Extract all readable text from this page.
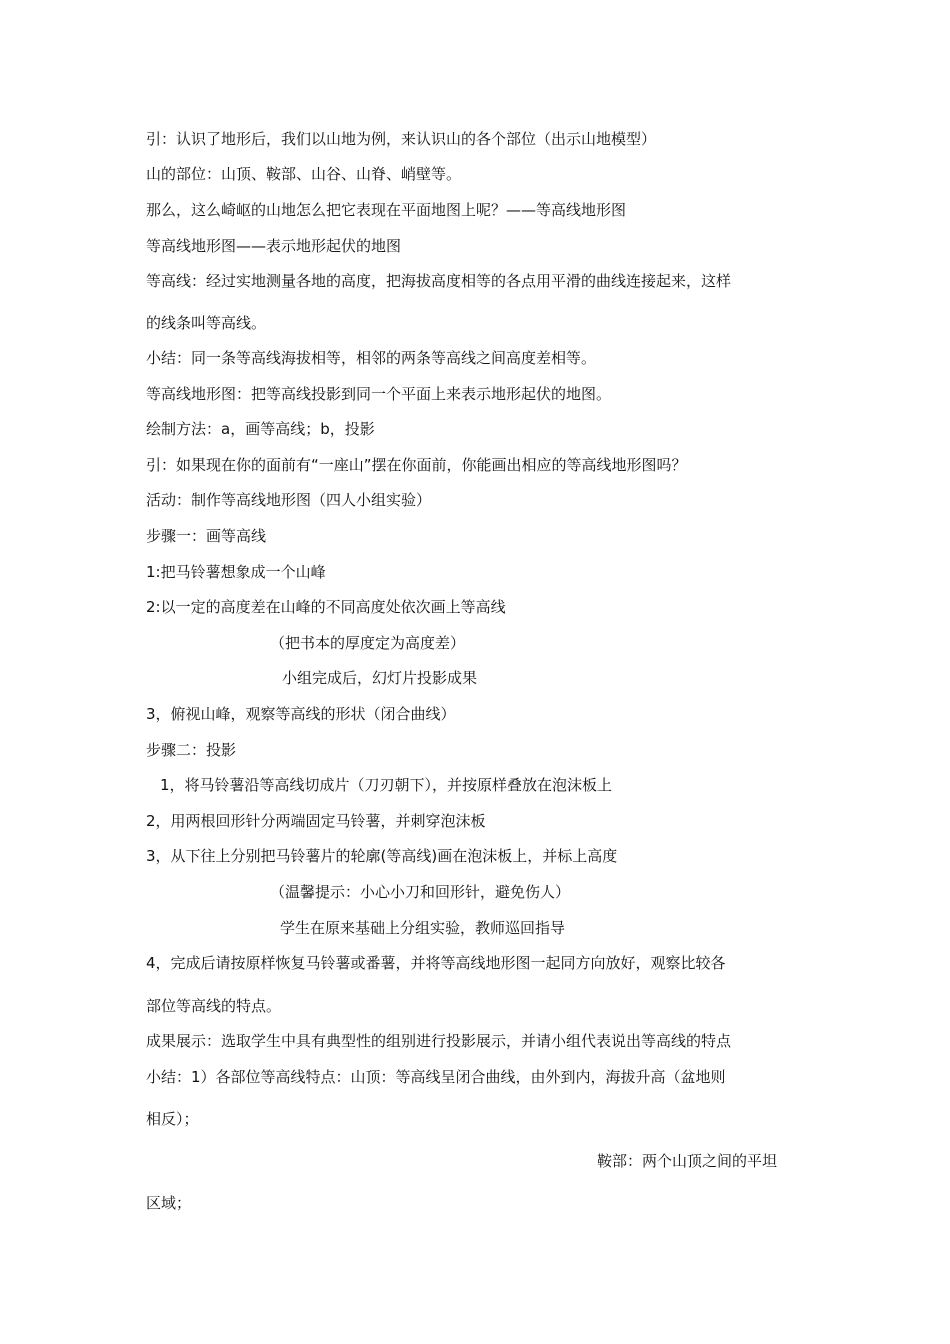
引：认识了地形后，我们以山地为例，来认识山的各个部位（出示山地模型）
山的部位：山顶、鞍部、山谷、山脊、峭壁等。
那么，这么崎岖的山地怎么把它表现在平面地图上呢？——等高线地形图
等高线地形图——表示地形起伏的地图
等高线：经过实地测量各地的高度，把海拔高度相等的各点用平滑的曲线连接起来，这样
的线条叫等高线。
小结：同一条等高线海拔相等，相邻的两条等高线之间高度差相等。
等高线地形图：把等高线投影到同一个平面上来表示地形起伏的地图。
绘制方法：a，画等高线；b，投影
引：如果现在你的面前有“一座山”摆在你面前，你能画出相应的等高线地形图吗？
活动：制作等高线地形图（四人小组实验）
步骤一：画等高线
1:把马铃薯想象成一个山峰
2:以一定的高度差在山峰的不同高度处依次画上等高线
（把书本的厚度定为高度差）
小组完成后，幻灯片投影成果
3，俯视山峰，观察等高线的形状（闭合曲线）
步骤二：投影
1，将马铃薯沿等高线切成片（刀刃朝下），并按原样叠放在泡沫板上
2，用两根回形针分两端固定马铃薯，并刺穿泡沫板
3，从下往上分别把马铃薯片的轮廓(等高线)画在泡沫板上，并标上高度
（温馨提示：小心小刀和回形针，避免伤人）
学生在原来基础上分组实验，教师巡回指导
4，完成后请按原样恢复马铃薯或番薯，并将等高线地形图一起同方向放好，观察比较各
部位等高线的特点。
成果展示：选取学生中具有典型性的组别进行投影展示，并请小组代表说出等高线的特点
小结：1）各部位等高线特点：山顶：等高线呈闭合曲线，由外到内，海拔升高（盆地则
相反）；
鞍部：两个山顶之间的平坦
区域；
